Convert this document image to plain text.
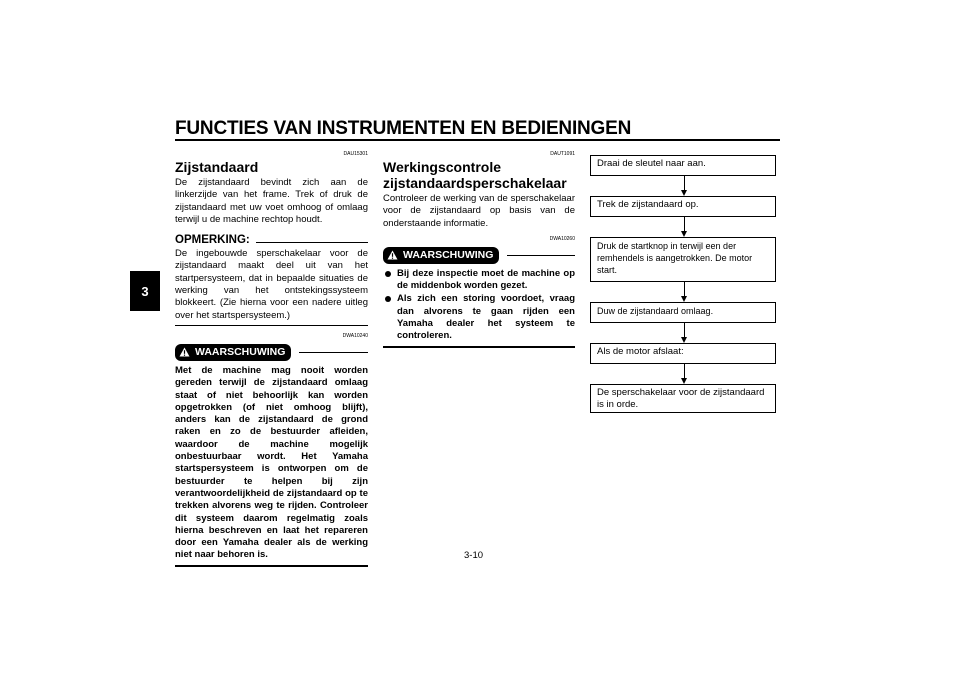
FUNCTIES VAN INSTRUMENTEN EN BEDIENINGEN
3
DAU15301
Zijstandaard

De zijstandaard bevindt zich aan de linkerzijde van het frame. Trek of druk de zijstandaard met uw voet omhoog of omlaag terwijl u de machine rechtop houdt.

OPMERKING:

De ingebouwde sperschakelaar voor de zijstandaard maakt deel uit van het startpersysteem, dat in bepaalde situaties de werking van het ontstekingssysteem blokkeert. (Zie hierna voor een nadere uitleg over het startspersysteem.)

DWA10240
WAARSCHUWING

Met de machine mag nooit worden gereden terwijl de zijstandaard omlaag staat of niet behoorlijk kan worden opgetrokken (of niet omhoog blijft), anders kan de zijstandaard de grond raken en zo de bestuurder afleiden, waardoor de machine mogelijk onbestuurbaar wordt. Het Yamaha startspersysteem is ontworpen om de bestuurder te helpen bij zijn verantwoordelijkheid de zijstandaard op te trekken alvorens weg te rijden. Controleer dit systeem daarom regelmatig zoals hierna beschreven en laat het repareren door een Yamaha dealer als de werking niet naar behoren is.

DAUT1091
Werkingscontrole
zijstandaardsperschakelaar

Controleer de werking van de sperschakelaar voor de zijstandaard op basis van de onderstaande informatie.

DWA10260
WAARSCHUWING
Bij deze inspectie moet de machine op de middenbok worden gezet.
Als zich een storing voordoet, vraag dan alvorens te gaan rijden een Yamaha dealer het systeem te controleren.
Draai de sleutel naar aan.
Trek de zijstandaard op.
Druk de startknop in terwijl een der remhendels is aangetrokken. De motor start.
Duw de zijstandaard omlaag.
Als de motor afslaat:
De sperschakelaar voor de zijstandaard is in orde.
3-10
